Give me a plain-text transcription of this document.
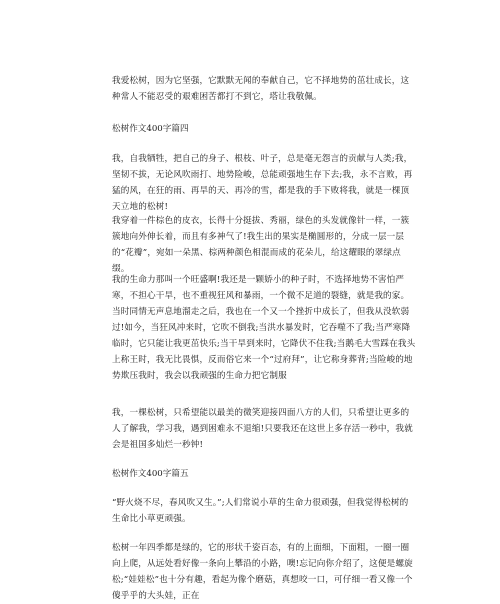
我爱松树，因为它坚强，它默默无闻的奉献自己，它不择地势的茁壮成长，这种常人不能忍受的艰难困苦都打不到它，塔让我敬佩。

松树作文400字篇四

我，自我牺牲，把自己的身子、根枝、叶子，总是毫无怨言的贡献与人类;我，坚韧不拔，无论风吹雨打、地势险峻，总能顽强地生存下去;我，永不言败，再猛的风，在狂的雨、再旱的天、再冷的雪，都是我的手下败将我，就是一棵顶天立地的松树!

我穿着一件棕色的皮衣，长得十分挺拔、秀丽，绿色的头发就像针一样，一簇簇地向外伸长着，而且有多神气了!我生出的果实是椭圆形的，分成一层一层的“花瓣”，宛如一朵黑、棕两种颜色相混而成的花朵儿，给这耀眼的翠绿点缀。

我的生命力那叫一个旺盛啊!我还是一颗娇小的种子时，不选择地势不害怕严寒，不担心干旱，也不重视狂风和暴雨，一个微不足道的裂缝，就是我的家。当时同情无声息地溜走之后，我也在一个又一个挫折中成长了，但我从没软弱过!如今，当狂风冲来时，它吹不倒我;当洪水暴发时，它吞噬不了我;当严寒降临时，它只能让我更茁快乐;当干旱到来时，它降伏不住我;当鹅毛大雪踩在我头上称王时，我无比畏惧，反而俗它来一个“过府拜”，让它称身葬背;当险峻的地势欺压我时，我会以我顽强的生命力把它制服

我，一棵松树，只希望能以最美的微笑迎接四面八方的人们，只希望让更多的人了解我，学习我，遇到困难永不退缩!只要我还在这世上多存活一秒中，我就会是祖国多灿烂一秒钟!

松树作文400字篇五

“野火烧不尽，春风吹又生。”;人们常说小草的生命力很顽强，但我觉得松树的生命比小草更顽强。

松树一年四季都是绿的，它的形状千姿百态，有的上面细，下面粗，一圈一圈向上爬，从远处看好像一条向上攀沿的小路，噢!忘记向你介绍了，这便是螺旋松;“娃娃松”也十分有趣，看起为像个磨菇，真想咬一口，可仔细一看又像一个傻乎乎的大头娃，正在
